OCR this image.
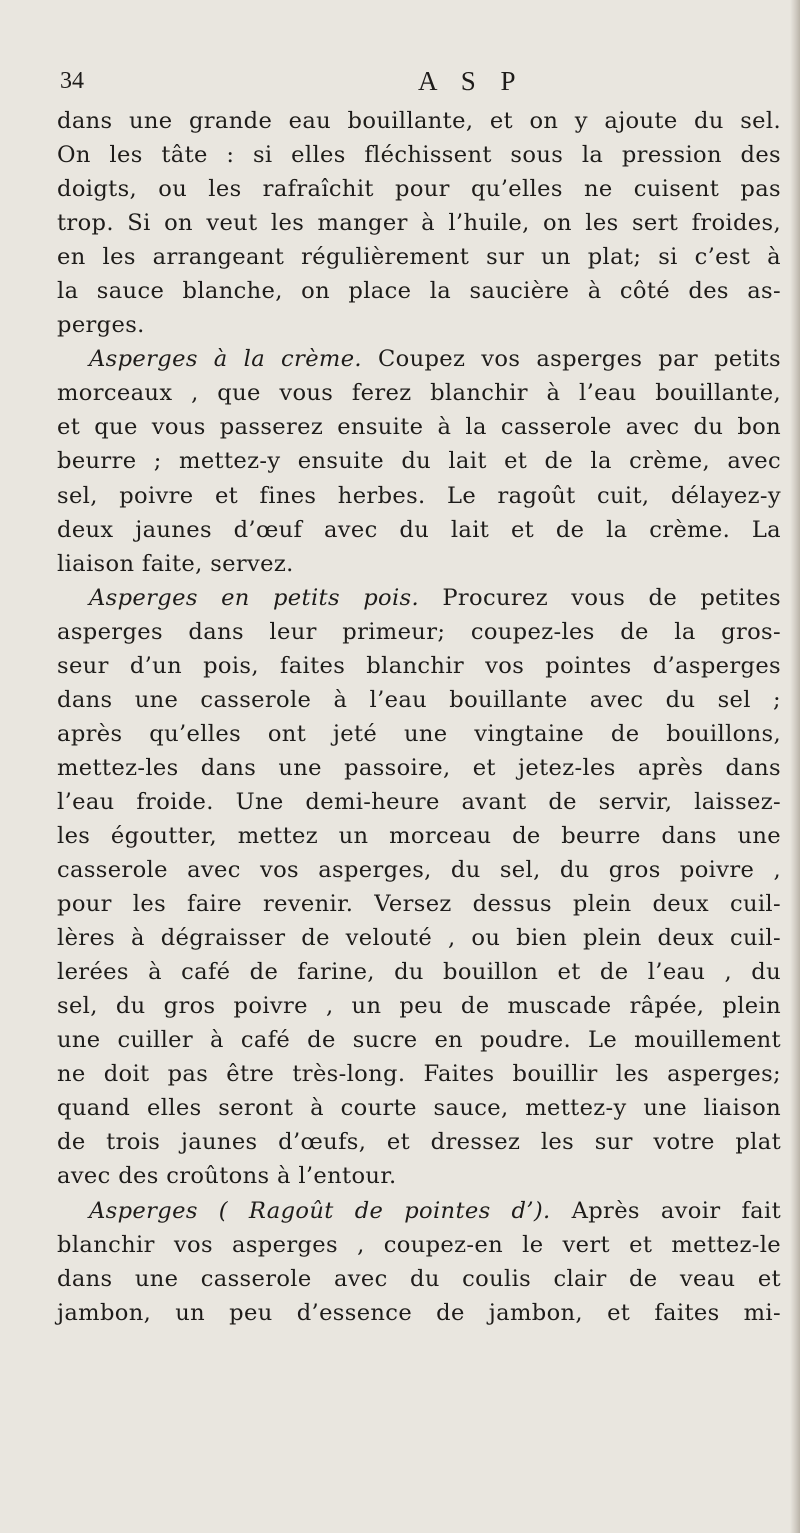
34	A S P
dans une grande eau bouillante, et on y ajoute du sel.
On les tâte : si elles fléchissent sous la pression des
doigts, ou les rafraîchit pour qu’elles ne cuisent pas
trop. Si on veut les manger à l’huile, on les sert froides,
en les arrangeant régulièrement sur un plat; si c’est à
la sauce blanche, on place la saucière à côté des as-
perges.
Asperges à la crème. Coupez vos asperges par petits
morceaux , que vous ferez blanchir à l’eau bouillante,
et que vous passerez ensuite à la casserole avec du bon
beurre ; mettez-y ensuite du lait et de la crème, avec
sel, poivre et fines herbes. Le ragoût cuit, délayez-y
deux jaunes d’œuf avec du lait et de la crème. La
liaison faite, servez.
Asperges en petits pois. Procurez vous de petites
asperges dans leur primeur; coupez-les de la gros-
seur d’un pois, faites blanchir vos pointes d’asperges
dans une casserole à l’eau bouillante avec du sel ;
après qu’elles ont jeté une vingtaine de bouillons,
mettez-les dans une passoire, et jetez-les après dans
l’eau froide. Une demi-heure avant de servir, laissez-
les égoutter, mettez un morceau de beurre dans une
casserole avec vos asperges, du sel, du gros poivre ,
pour les faire revenir. Versez dessus plein deux cuil-
lères à dégraisser de velouté , ou bien plein deux cuil-
lerées à café de farine, du bouillon et de l’eau , du
sel, du gros poivre , un peu de muscade râpée, plein
une cuiller à café de sucre en poudre. Le mouillement
ne doit pas être très-long. Faites bouillir les asperges;
quand elles seront à courte sauce, mettez-y une liaison
de trois jaunes d’œufs, et dressez les sur votre plat
avec des croûtons à l’entour.
Asperges ( Ragoût de pointes d’). Après avoir fait
blanchir vos asperges , coupez-en le vert et mettez-le
dans une casserole avec du coulis clair de veau et
jambon, un peu d’essence de jambon, et faites mi-
